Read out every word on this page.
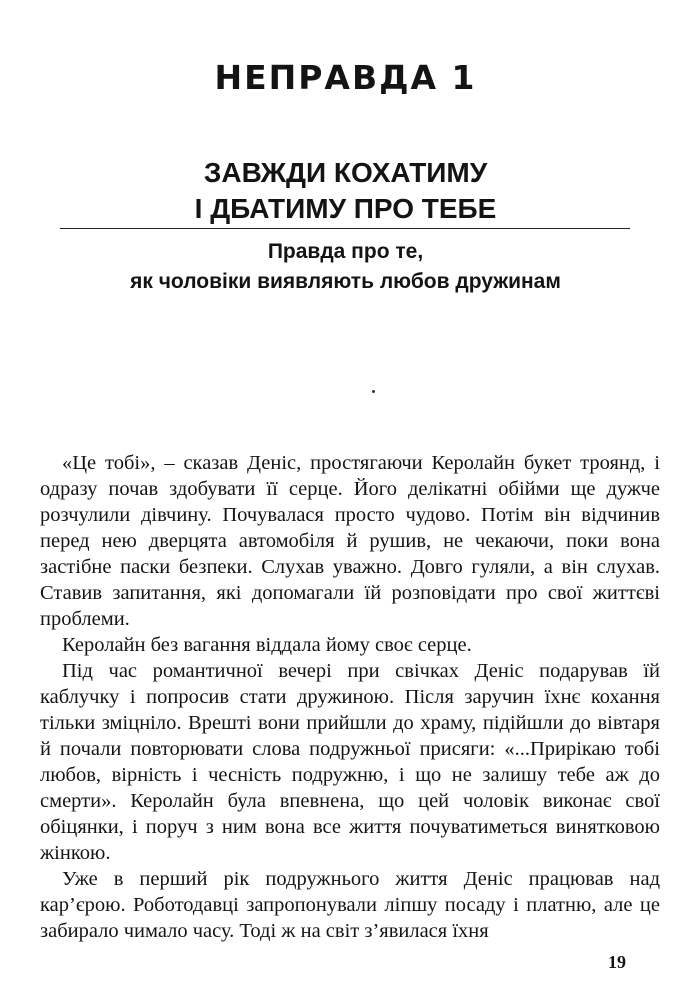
НЕПРАВДА 1
ЗАВЖДИ КОХАТИМУ
І ДБАТИМУ ПРО ТЕБЕ
Правда про те,
як чоловіки виявляють любов дружинам

«Це тобі», – сказав Деніс, простягаючи Керолайн букет троянд, і одразу почав здобувати її серце. Його делікатні обійми ще дужче розчулили дівчину. Почувалася просто чудово. Потім він відчинив перед нею дверцята автомобіля й рушив, не чекаючи, поки вона застібне паски безпеки. Слухав уважно. Довго гуляли, а він слухав. Ставив запитання, які допомагали їй розповідати про свої життєві проблеми.

Керолайн без вагання віддала йому своє серце.

Під час романтичної вечері при свічках Деніс подарував їй каблучку і попросив стати дружиною. Після заручин їхнє кохання тільки зміцніло. Врешті вони прийшли до храму, підійшли до вівтаря й почали повторювати слова подружньої присяги: «...Прирікаю тобі любов, вірність і чесність подружню, і що не залишу тебе аж до смерти». Керолайн була впевнена, що цей чоловік виконає свої обіцянки, і поруч з ним вона все життя почуватиметься винятковою жінкою.

Уже в перший рік подружнього життя Деніс працював над кар’єрою. Роботодавці запропонували ліпшу посаду і платню, але це забирало чимало часу. Тоді ж на світ з’явилася їхня

19
